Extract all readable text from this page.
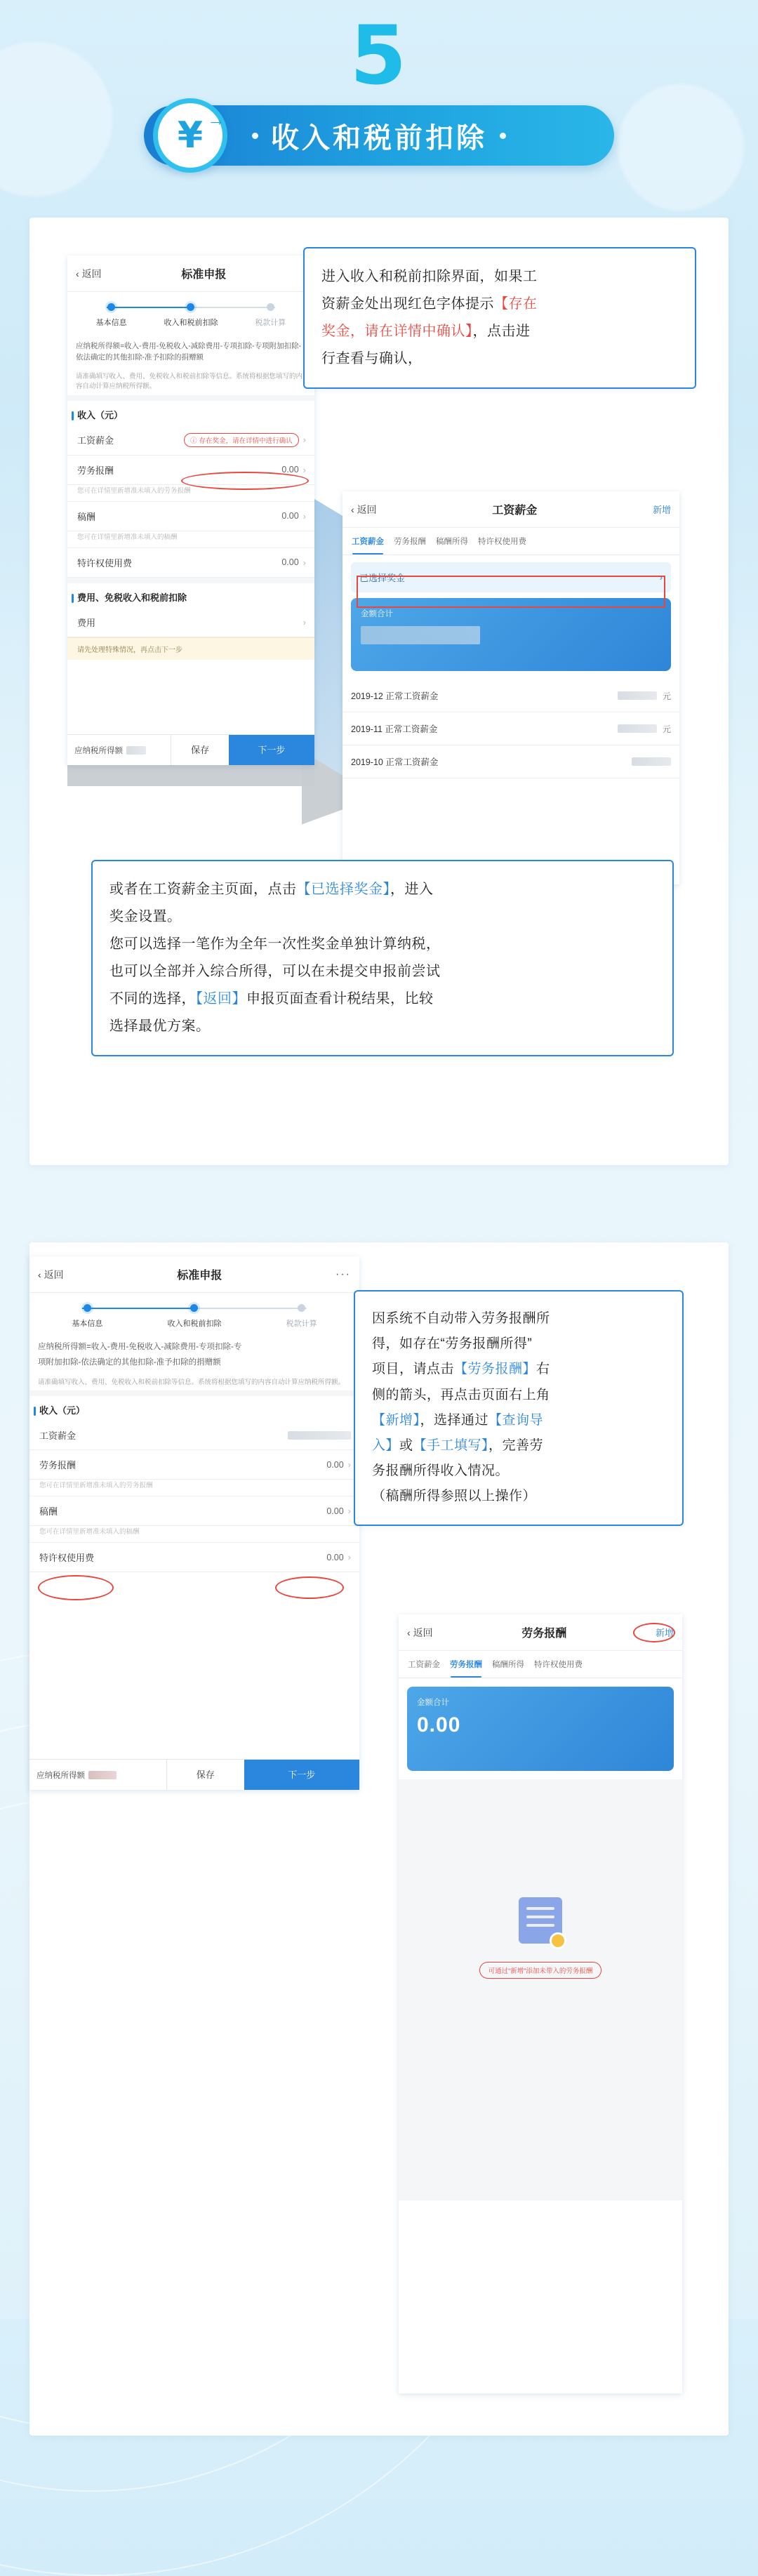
5
收入和税前扣除
¥ →
‹ 返回	标准申报
基本信息	收入和税前扣除	税款计算
应纳税所得额=收入-费用-免税收入-减除费用-专项扣除-专项附加扣除-依法确定的其他扣除-准予扣除的捐赠额
请准确填写收入、费用、免税收入和税前扣除等信息。系统将根据您填写的内容自动计算应纳税所得额。
收入（元）
工资薪金	ⓘ 存在奖金，请在详情中进行确认 ›
劳务报酬	0.00 ›
您可在详情里新增准未填入的劳务报酬
稿酬	0.00 ›
您可在详情里新增准未填入的稿酬
特许权使用费	0.00 ›
费用、免税收入和税前扣除
费用	›
请先处理特殊情况，再点击下一步
应纳税所得额	保存	下一步
‹ 返回	工资薪金	新增
工资薪金	劳务报酬	稿酬所得	特许权使用费
已选择奖金	›
金额合计
2019-12 正常工资薪金	元
2019-11 正常工资薪金	元
2019-10 正常工资薪金

进入收入和税前扣除界面，如果工

资薪金处出现红色字体提示【存在

奖金，请在详情中确认】，点击进

行查看与确认，

或者在工资薪金主页面，点击【已选择奖金】，进入

奖金设置。

您可以选择一笔作为全年一次性奖金单独计算纳税，

也可以全部并入综合所得，可以在未提交申报前尝试

不同的选择，【返回】申报页面查看计税结果，比较

选择最优方案。

‹ 返回	标准申报	···
基本信息	收入和税前扣除	税款计算
应纳税所得额=收入-费用-免税收入-减除费用-专项扣除-专
项附加扣除-依法确定的其他扣除-准予扣除的捐赠额
请准确填写收入、费用、免税收入和税前扣除等信息。系统将根据您填写的内容自动计算应纳税所得额。
收入（元）
工资薪金
劳务报酬	0.00 ›
您可在详情里新增准未填入的劳务报酬
稿酬	0.00 ›
您可在详情里新增准未填入的稿酬
特许权使用费	0.00 ›
应纳税所得额	保存	下一步
‹ 返回	劳务报酬	新增
工资薪金	劳务报酬	稿酬所得	特许权使用费
金额合计
0.00
可通过“新增”添加未带入的劳务报酬

因系统不自动带入劳务报酬所

得，如存在“劳务报酬所得”

项目，请点击【劳务报酬】右

侧的箭头，再点击页面右上角

【新增】，选择通过【查询导

入】或【手工填写】，完善劳

务报酬所得收入情况。

（稿酬所得参照以上操作）
